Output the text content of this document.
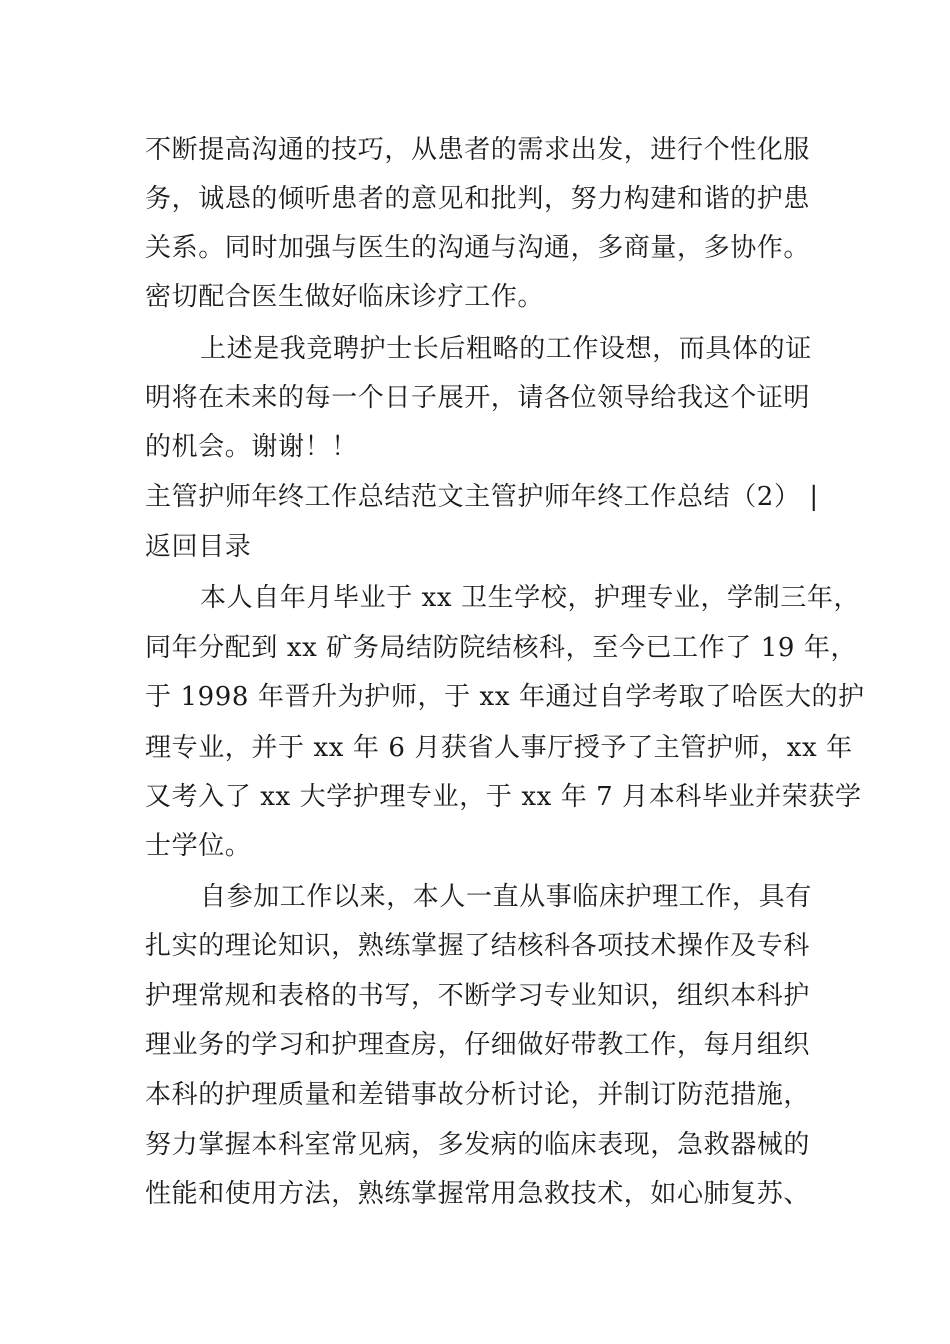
不断提高沟通的技巧，从患者的需求出发，进行个性化服

务，诚恳的倾听患者的意见和批判，努力构建和谐的护患

关系。同时加强与医生的沟通与沟通，多商量，多协作。

密切配合医生做好临床诊疗工作。

上述是我竞聘护士长后粗略的工作设想，而具体的证

明将在未来的每一个日子展开，请各位领导给我这个证明

的机会。谢谢！！

主管护师年终工作总结范文主管护师年终工作总结（2） |

返回目录

本人自年月毕业于 xx 卫生学校，护理专业，学制三年，

同年分配到 xx 矿务局结防院结核科，至今已工作了 19 年，

于 1998 年晋升为护师，于 xx 年通过自学考取了哈医大的护

理专业，并于 xx 年 6 月获省人事厅授予了主管护师，xx 年

又考入了 xx 大学护理专业，于 xx 年 7 月本科毕业并荣获学

士学位。

自参加工作以来，本人一直从事临床护理工作，具有

扎实的理论知识，熟练掌握了结核科各项技术操作及专科

护理常规和表格的书写，不断学习专业知识，组织本科护

理业务的学习和护理查房，仔细做好带教工作，每月组织

本科的护理质量和差错事故分析讨论，并制订防范措施，

努力掌握本科室常见病，多发病的临床表现，急救器械的

性能和使用方法，熟练掌握常用急救技术，如心肺复苏、
